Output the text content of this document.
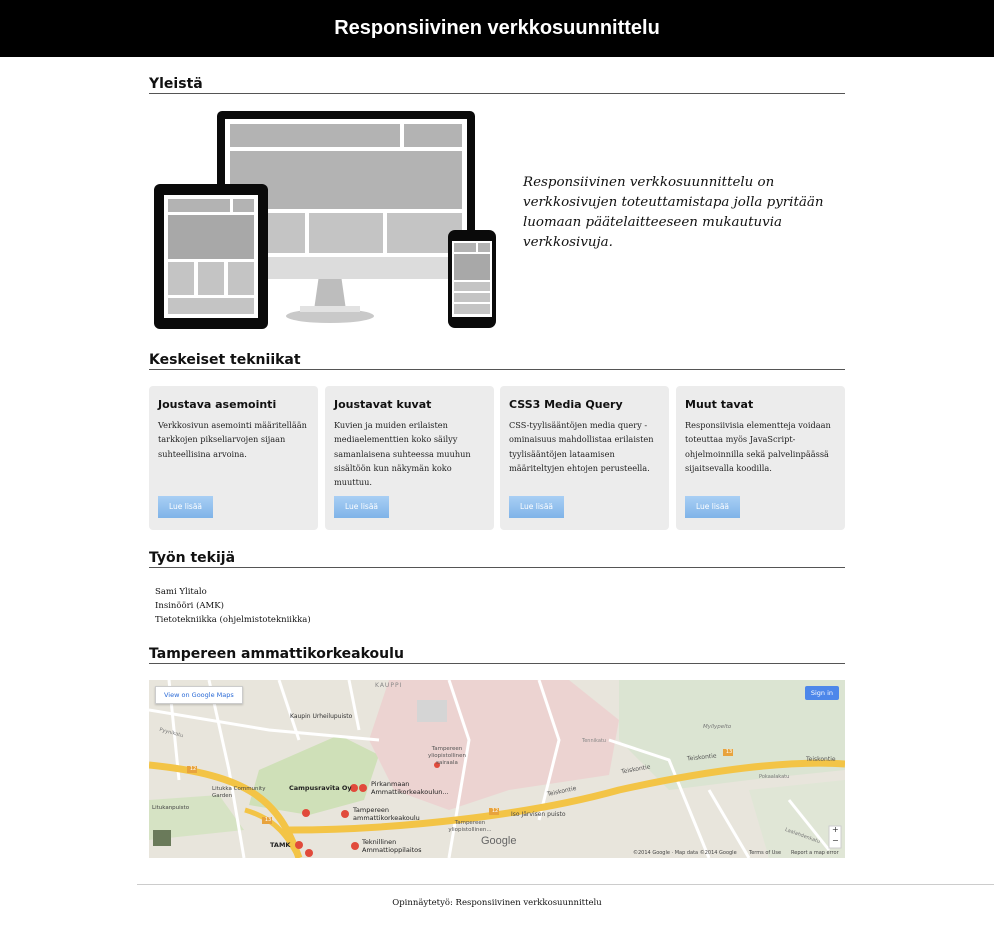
Responsiivinen verkkosuunnittelu
Yleistä
Responsiivinen verkkosuunnittelu on verkkosivujen toteuttamistapa jolla pyritään luomaan päätelaitteeseen mukautuvia verkkosivuja.
Keskeiset tekniikat
Joustava asemointi

Verkkosivun asemointi määritellään tarkkojen pikseliarvojen sijaan suhteellisina arvoina.

Lue lisää
Joustavat kuvat

Kuvien ja muiden erilaisten mediaelementtien koko säilyy samanlaisena suhteessa muuhun sisältöön kun näkymän koko muuttuu.

Lue lisää
CSS3 Media Query

CSS-tyylisääntöjen media query -ominaisuus mahdollistaa erilaisten tyylisääntöjen lataamisen määriteltyjen ehtojen perusteella.

Lue lisää
Muut tavat

Responsiivisia elementteja voidaan toteuttaa myös JavaScript-ohjelmoinnilla sekä palvelinpäässä sijaitsevalla koodilla.

Lue lisää
Työn tekijä
Sami Ylitalo
Insinööri (AMK)
Tietotekniikka (ohjelmistotekniikka)
Tampereen ammattikorkeakoulu
View on Google Maps	Sign in
KAUPPI
Kaupin Urheilupuisto
Tampereen yliopistollinen sairaala
Myllypelto
Tennikatu
Teiskontie
Teiskontie	Teiskontie
Teiskontie
Campusravita Oy	Pirkanmaan Ammattikorkeakoulun...
Tampereen ammattikorkeakoulu
Teknillinen Ammattioppilaitos
TAMK
Iso Järvisen puisto
Tampereen yliopistollinen...
Litukka Community Garden
Litukanpuisto
Pyynikatu
Pokaalakatu
Laalahdenkatu
12
13
12
13
Google
+
−
©2014 Google · Map data ©2014 Google Terms of Use Report a map error
Opinnäytetyö: Responsiivinen verkkosuunnittelu
